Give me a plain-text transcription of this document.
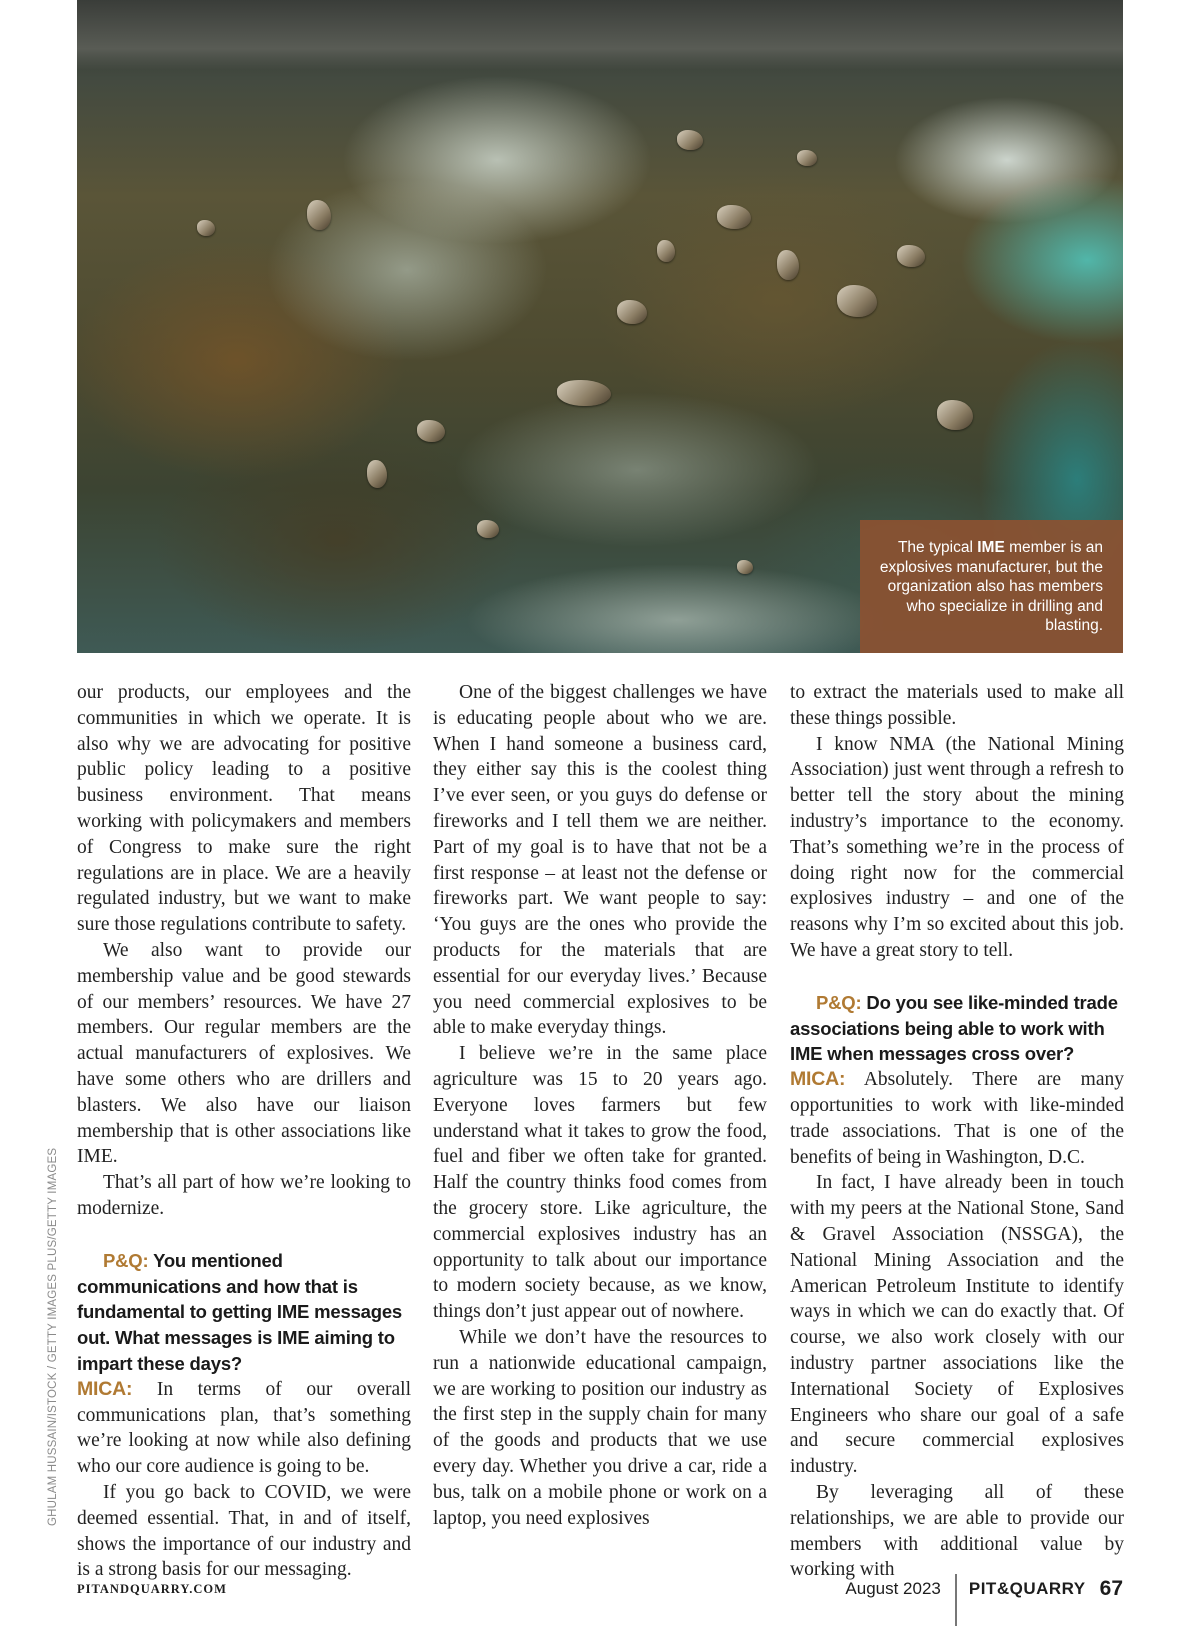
The typical IME member is an explosives manufacturer, but the organization also has members who specialize in drilling and blasting.
GHULAM HUSSAIN/ISTOCK / GETTY IMAGES PLUS/GETTY IMAGES

our products, our employees and the communities in which we operate. It is also why we are advocating for positive public policy leading to a positive business environment. That means working with policymakers and members of Congress to make sure the right regulations are in place. We are a heavily regulated industry, but we want to make sure those regulations contribute to safety.

We also want to provide our membership value and be good stewards of our members’ resources. We have 27 members. Our regular members are the actual manufacturers of explosives. We have some others who are drillers and blasters. We also have our liaison membership that is other associations like IME.

That’s all part of how we’re looking to modernize.

P&Q: You mentioned communications and how that is fundamental to getting IME messages out. What messages is IME aiming to impart these days?

MICA: In terms of our overall communications plan, that’s something we’re looking at now while also defining who our core audience is going to be.

If you go back to COVID, we were deemed essential. That, in and of itself, shows the importance of our industry and is a strong basis for our messaging.

One of the biggest challenges we have is educating people about who we are. When I hand someone a business card, they either say this is the coolest thing I’ve ever seen, or you guys do defense or fireworks and I tell them we are neither. Part of my goal is to have that not be a first response – at least not the defense or fireworks part. We want people to say: ‘You guys are the ones who provide the products for the materials that are essential for our everyday lives.’ Because you need commercial explosives to be able to make everyday things.

I believe we’re in the same place agriculture was 15 to 20 years ago. Everyone loves farmers but few understand what it takes to grow the food, fuel and fiber we often take for granted. Half the country thinks food comes from the grocery store. Like agriculture, the commercial explosives industry has an opportunity to talk about our importance to modern society because, as we know, things don’t just appear out of nowhere.

While we don’t have the resources to run a nationwide educational campaign, we are working to position our industry as the first step in the supply chain for many of the goods and products that we use every day. Whether you drive a car, ride a bus, talk on a mobile phone or work on a laptop, you need explosives

to extract the materials used to make all these things possible.

I know NMA (the National Mining Association) just went through a refresh to better tell the story about the mining industry’s importance to the economy. That’s something we’re in the process of doing right now for the commercial explosives industry – and one of the reasons why I’m so excited about this job. We have a great story to tell.

P&Q: Do you see like-minded trade associations being able to work with IME when messages cross over?

MICA: Absolutely. There are many opportunities to work with like-minded trade associations. That is one of the benefits of being in Washington, D.C.

In fact, I have already been in touch with my peers at the National Stone, Sand & Gravel Association (NSSGA), the National Mining Association and the American Petroleum Institute to identify ways in which we can do exactly that. Of course, we also work closely with our industry partner associations like the International Society of Explosives Engineers who share our goal of a safe and secure commercial explosives industry.

By leveraging all of these relationships, we are able to provide our members with additional value by working with

PITANDQUARRY.COM	August 2023 PIT&QUARRY 67
